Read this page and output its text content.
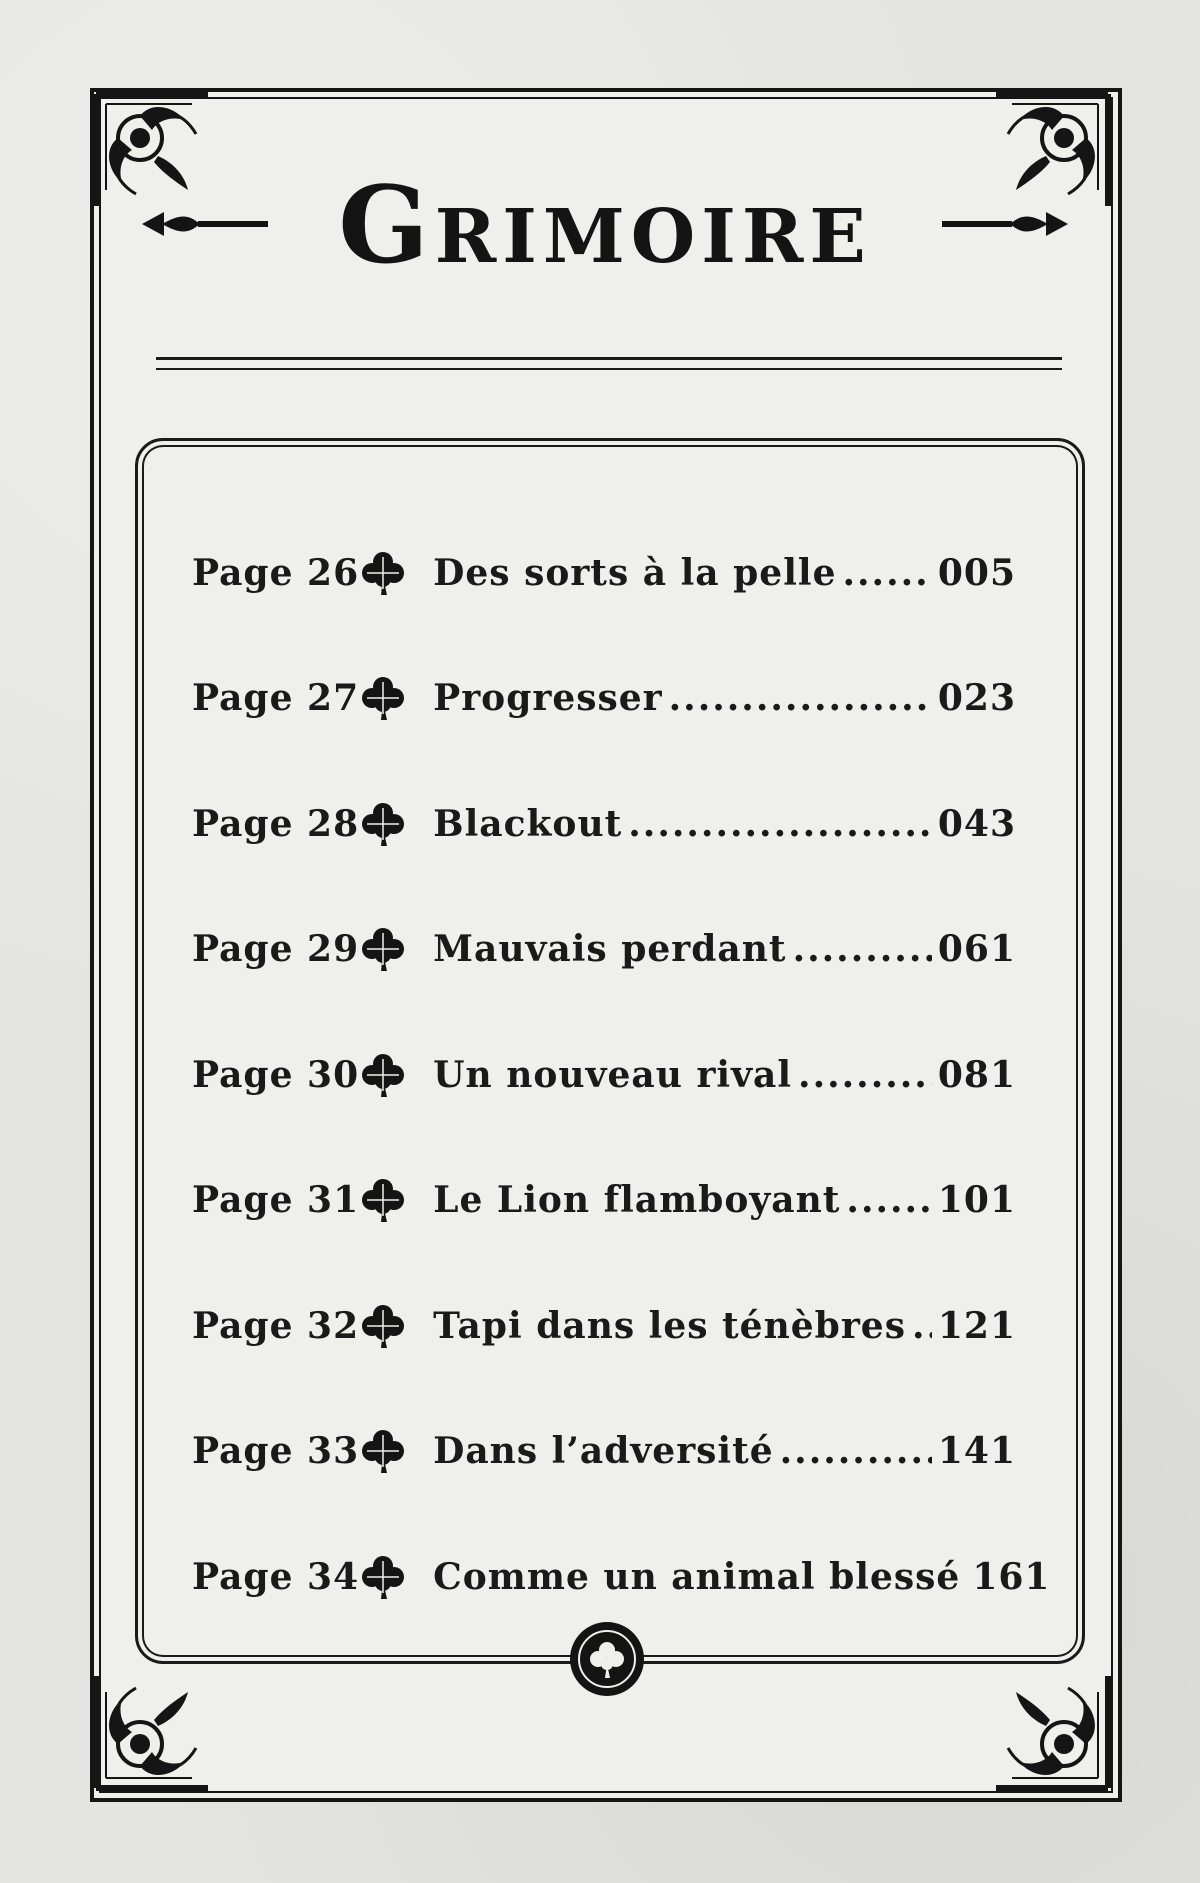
Grimoire
Page 26 Des sorts à la pelle .....	005
Page 27 Progresser .....	023
Page 28 Blackout .....	043
Page 29 Mauvais perdant .....	061
Page 30 Un nouveau rival .....	081
Page 31 Le Lion flamboyant .....	101
Page 32 Tapi dans les ténèbres ..... 121
Page 33 Dans l’adversité .....	141
Page 34 Comme un animal blessé 161
